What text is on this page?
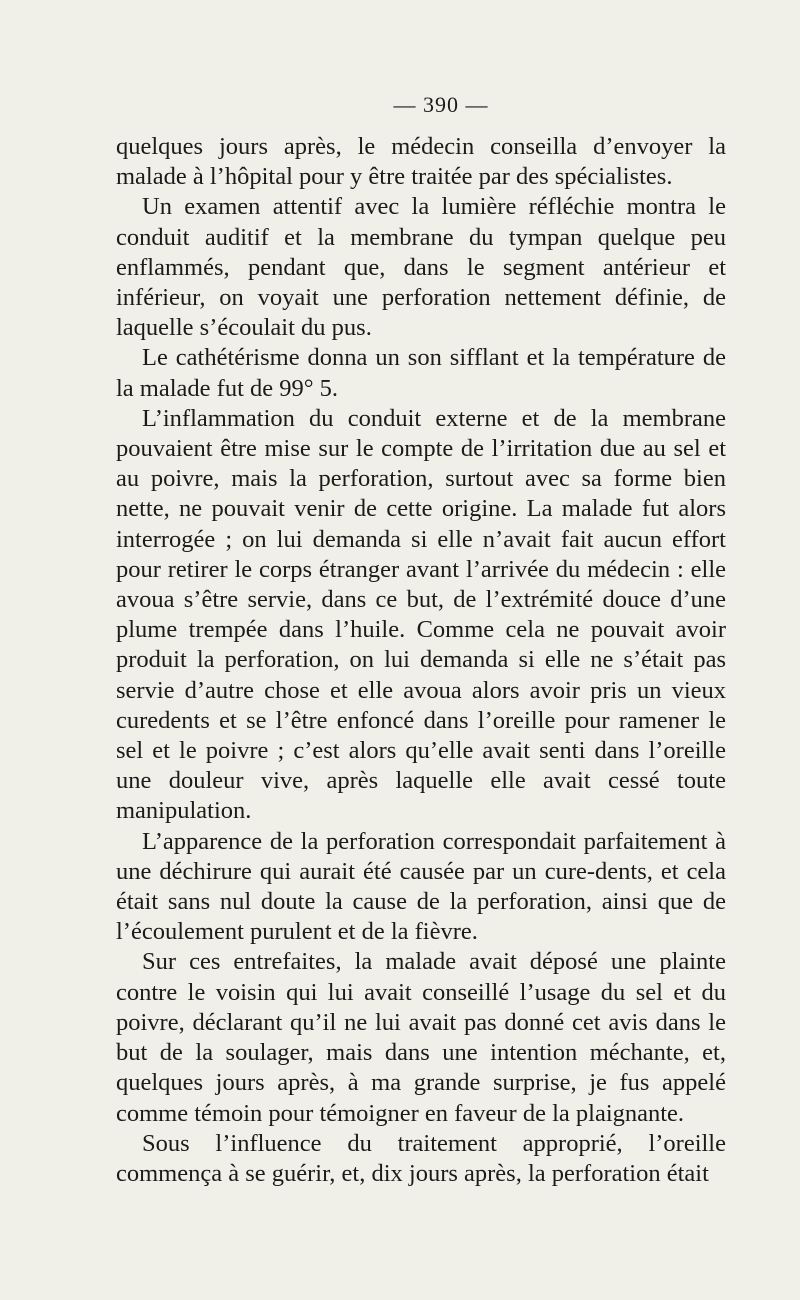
— 390 —

quelques jours après, le médecin conseilla d’envoyer la malade à l’hôpital pour y être traitée par des spécialistes.

Un examen attentif avec la lumière réfléchie montra le conduit auditif et la membrane du tympan quelque peu enflammés, pendant que, dans le segment antérieur et inférieur, on voyait une perforation nettement définie, de laquelle s’écoulait du pus.

Le cathétérisme donna un son sifflant et la température de la malade fut de 99° 5.

L’inflammation du conduit externe et de la membrane pouvaient être mise sur le compte de l’irritation due au sel et au poivre, mais la perforation, surtout avec sa forme bien nette, ne pouvait venir de cette origine. La malade fut alors interrogée ; on lui demanda si elle n’avait fait aucun effort pour retirer le corps étranger avant l’arrivée du médecin : elle avoua s’être servie, dans ce but, de l’extrémité douce d’une plume trempée dans l’huile. Comme cela ne pouvait avoir produit la perforation, on lui demanda si elle ne s’était pas servie d’autre chose et elle avoua alors avoir pris un vieux curedents et se l’être enfoncé dans l’oreille pour ramener le sel et le poivre ; c’est alors qu’elle avait senti dans l’oreille une douleur vive, après laquelle elle avait cessé toute manipulation.

L’apparence de la perforation correspondait parfaitement à une déchirure qui aurait été causée par un cure-dents, et cela était sans nul doute la cause de la perforation, ainsi que de l’écoulement purulent et de la fièvre.

Sur ces entrefaites, la malade avait déposé une plainte contre le voisin qui lui avait conseillé l’usage du sel et du poivre, déclarant qu’il ne lui avait pas donné cet avis dans le but de la soulager, mais dans une intention méchante, et, quelques jours après, à ma grande surprise, je fus appelé comme témoin pour témoigner en faveur de la plaignante.

Sous l’influence du traitement approprié, l’oreille commença à se guérir, et, dix jours après, la perforation était
